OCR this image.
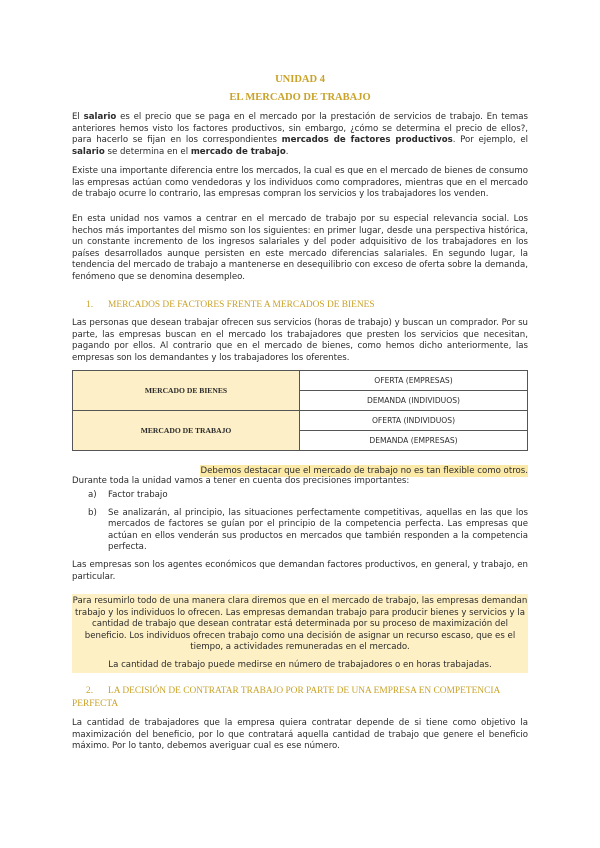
UNIDAD 4
EL MERCADO DE TRABAJO

El salario es el precio que se paga en el mercado por la prestación de servicios de trabajo. En temas anteriores hemos visto los factores productivos, sin embargo, ¿cómo se determina el precio de ellos?, para hacerlo se fijan en los correspondientes mercados de factores productivos. Por ejemplo, el salario se determina en el mercado de trabajo.

Existe una importante diferencia entre los mercados, la cual es que en el mercado de bienes de consumo las empresas actúan como vendedoras y los individuos como compradores, mientras que en el mercado de trabajo ocurre lo contrario, las empresas compran los servicios y los trabajadores los venden.

En esta unidad nos vamos a centrar en el mercado de trabajo por su especial relevancia social. Los hechos más importantes del mismo son los siguientes: en primer lugar, desde una perspectiva histórica, un constante incremento de los ingresos salariales y del poder adquisitivo de los trabajadores en los países desarrollados aunque persisten en este mercado diferencias salariales. En segundo lugar, la tendencia del mercado de trabajo a mantenerse en desequilibrio con exceso de oferta sobre la demanda, fenómeno que se denomina desempleo.

1. MERCADOS DE FACTORES FRENTE A MERCADOS DE BIENES

Las personas que desean trabajar ofrecen sus servicios (horas de trabajo) y buscan un comprador. Por su parte, las empresas buscan en el mercado los trabajadores que presten los servicios que necesitan, pagando por ellos. Al contrario que en el mercado de bienes, como hemos dicho anteriormente, las empresas son los demandantes y los trabajadores los oferentes.

MERCADO DE BIENES	OFERTA (EMPRESAS)
	DEMANDA (INDIVIDUOS)
MERCADO DE TRABAJO	OFERTA (INDIVIDUOS)
	DEMANDA (EMPRESAS)
Debemos destacar que el mercado de trabajo no es tan flexible como otros.

Durante toda la unidad vamos a tener en cuenta dos precisiones importantes:

a) Factor trabajo
b) Se analizarán, al principio, las situaciones perfectamente competitivas, aquellas en las que los mercados de factores se guían por el principio de la competencia perfecta. Las empresas que actúan en ellos venderán sus productos en mercados que también responden a la competencia perfecta.

Las empresas son los agentes económicos que demandan factores productivos, en general, y trabajo, en particular.

Para resumirlo todo de una manera clara diremos que en el mercado de trabajo, las empresas demandan trabajo y los individuos lo ofrecen. Las empresas demandan trabajo para producir bienes y servicios y la cantidad de trabajo que desean contratar está determinada por su proceso de maximización del beneficio. Los individuos ofrecen trabajo como una decisión de asignar un recurso escaso, que es el tiempo, a actividades remuneradas en el mercado.

La cantidad de trabajo puede medirse en número de trabajadores o en horas trabajadas.

2. LA DECISIÓN DE CONTRATAR TRABAJO POR PARTE DE UNA EMPRESA EN COMPETENCIA PERFECTA

La cantidad de trabajadores que la empresa quiera contratar depende de si tiene como objetivo la maximización del beneficio, por lo que contratará aquella cantidad de trabajo que genere el beneficio máximo. Por lo tanto, debemos averiguar cual es ese número.
